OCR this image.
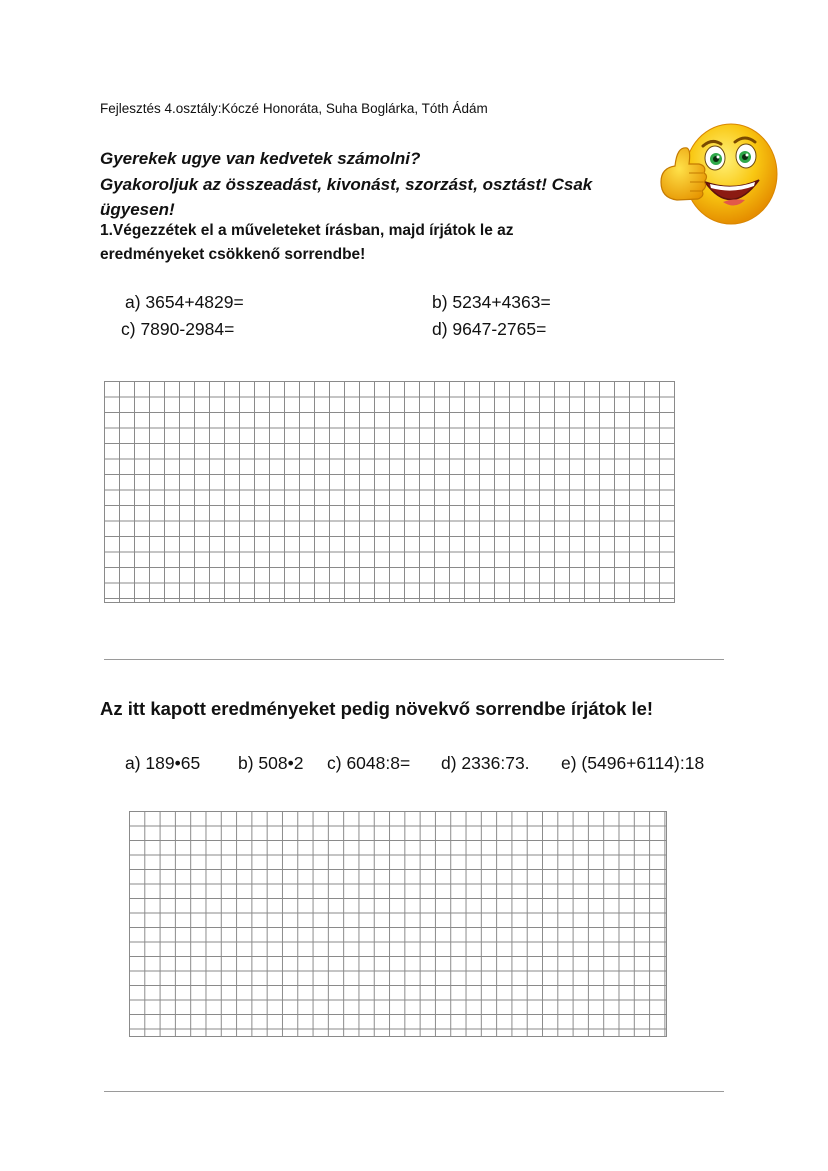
Fejlesztés 4.osztály:Kóczé Honoráta, Suha Boglárka, Tóth Ádám
Gyerekek ugye van kedvetek számolni?
Gyakoroljuk az összeadást, kivonást, szorzást, osztást! Csak
ügyesen!
1.Végezzétek el a műveleteket írásban, majd írjátok le az
eredményeket csökkenő sorrendbe!
a) 3654+4829=	b) 5234+4363=
c) 7890-2984=	d) 9647-2765=
Az itt kapott eredményeket pedig növekvő sorrendbe írjátok le!
a) 189•65 b) 508•2 c) 6048:8= d) 2336:73. e) (5496+6114):18
